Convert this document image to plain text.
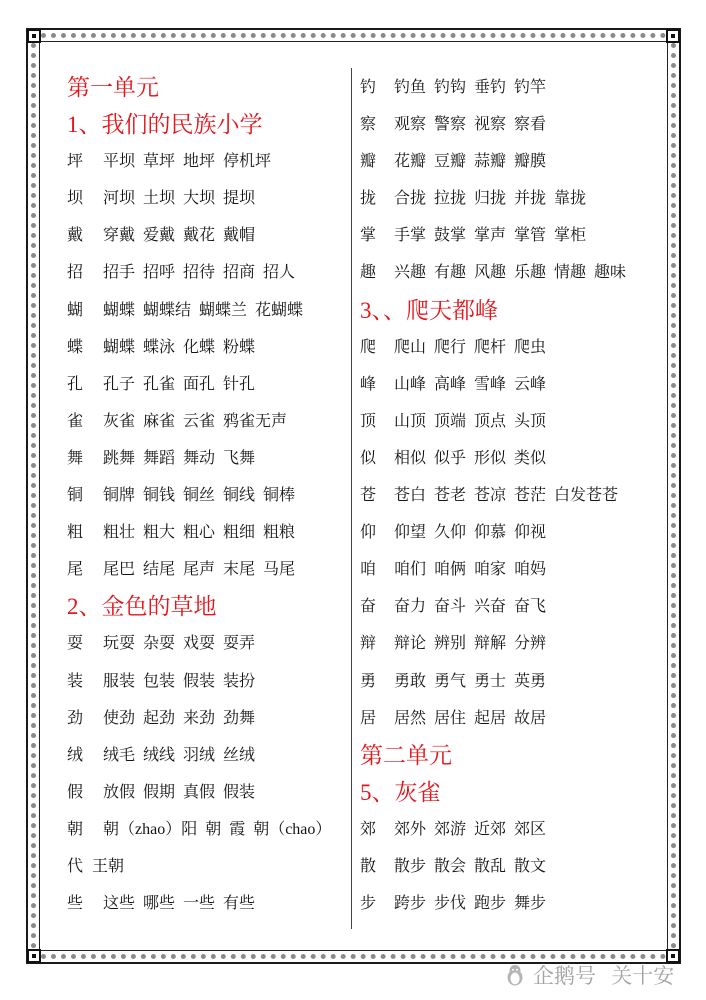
第一单元
1、我们的民族小学
坪 平坝 草坪 地坪 停机坪
坝 河坝 土坝 大坝 提坝
戴 穿戴 爱戴 戴花 戴帽
招 招手 招呼 招待 招商 招人
蝴 蝴蝶 蝴蝶结 蝴蝶兰 花蝴蝶
蝶 蝴蝶 蝶泳 化蝶 粉蝶
孔 孔子 孔雀 面孔 针孔
雀 灰雀 麻雀 云雀 鸦雀无声
舞 跳舞 舞蹈 舞动 飞舞
铜 铜牌 铜钱 铜丝 铜线 铜棒
粗 粗壮 粗大 粗心 粗细 粗粮
尾 尾巴 结尾 尾声 末尾 马尾
2、金色的草地
耍 玩耍 杂耍 戏耍 耍弄
装 服装 包装 假装 装扮
劲 使劲 起劲 来劲 劲舞
绒 绒毛 绒线 羽绒 丝绒
假 放假 假期 真假 假装
朝 朝（zhao）阳 朝 霞 朝（chao）
代 王朝
些 这些 哪些 一些 有些
钓 钓鱼 钓钩 垂钓 钓竿
察 观察 警察 视察 察看
瓣 花瓣 豆瓣 蒜瓣 瓣膜
拢 合拢 拉拢 归拢 并拢 靠拢
掌 手掌 鼓掌 掌声 掌管 掌柜
趣 兴趣 有趣 风趣 乐趣 情趣 趣味
3、、爬天都峰
爬 爬山 爬行 爬杆 爬虫
峰 山峰 高峰 雪峰 云峰
顶 山顶 顶端 顶点 头顶
似 相似 似乎 形似 类似
苍 苍白 苍老 苍凉 苍茫 白发苍苍
仰 仰望 久仰 仰慕 仰视
咱 咱们 咱俩 咱家 咱妈
奋 奋力 奋斗 兴奋 奋飞
辩 辩论 辨别 辩解 分辨
勇 勇敢 勇气 勇士 英勇
居 居然 居住 起居 故居
第二单元
5、灰雀
郊 郊外 郊游 近郊 郊区
散 散步 散会 散乱 散文
步 跨步 步伐 跑步 舞步
企鹅号 关十安
